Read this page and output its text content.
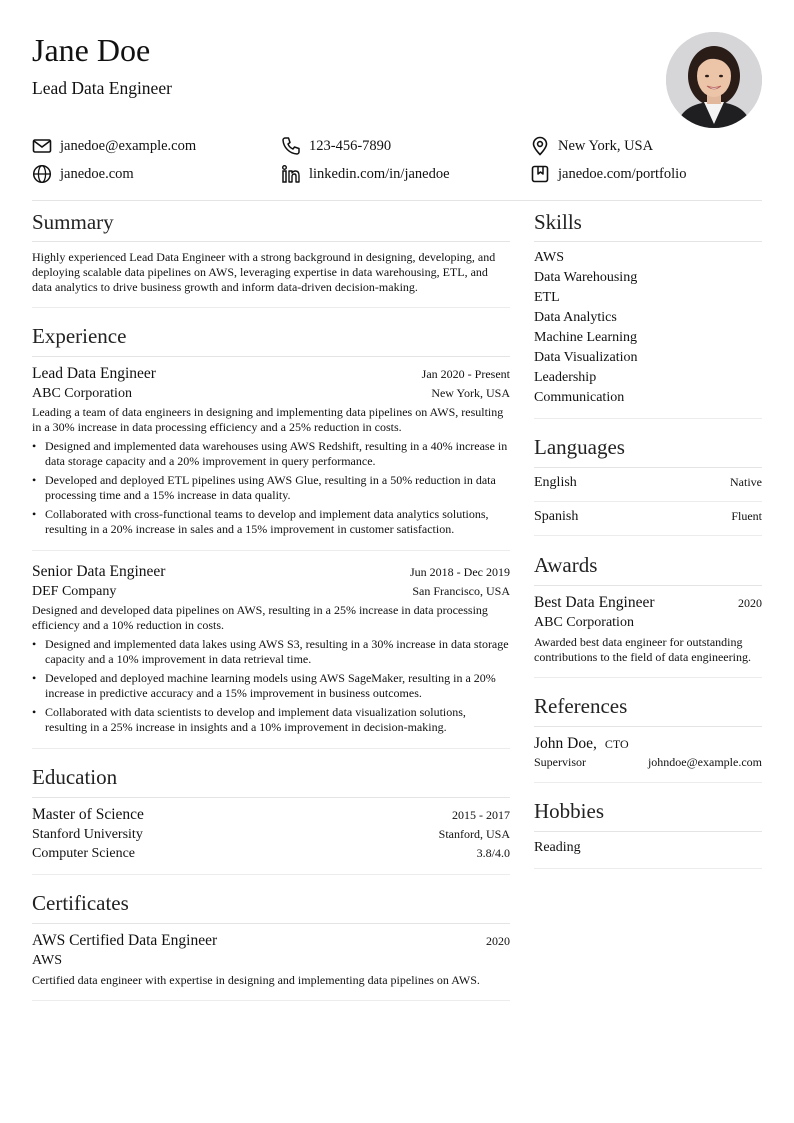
Jane Doe
Lead Data Engineer
janedoe@example.com	123-456-7890	New York, USA
janedoe.com	linkedin.com/in/janedoe	janedoe.com/portfolio
Summary

Highly experienced Lead Data Engineer with a strong background in designing, developing, and deploying scalable data pipelines on AWS, leveraging expertise in data warehousing, ETL, and data analytics to drive business growth and inform data-driven decision-making.

Experience
Lead Data Engineer	Jan 2020 - Present
ABC Corporation	New York, USA

Leading a team of data engineers in designing and implementing data pipelines on AWS, resulting in a 30% increase in data processing efficiency and a 25% reduction in costs.

• Designed and implemented data warehouses using AWS Redshift, resulting in a 40% increase in data storage capacity and a 20% improvement in query performance.
• Developed and deployed ETL pipelines using AWS Glue, resulting in a 50% reduction in data processing time and a 15% increase in data quality.
• Collaborated with cross-functional teams to develop and implement data analytics solutions, resulting in a 20% increase in sales and a 15% improvement in customer satisfaction.
Senior Data Engineer	Jun 2018 - Dec 2019
DEF Company	San Francisco, USA

Designed and developed data pipelines on AWS, resulting in a 25% increase in data processing efficiency and a 10% reduction in costs.

• Designed and implemented data lakes using AWS S3, resulting in a 30% increase in data storage capacity and a 10% improvement in data retrieval time.
• Developed and deployed machine learning models using AWS SageMaker, resulting in a 20% increase in predictive accuracy and a 15% improvement in business outcomes.
• Collaborated with data scientists to develop and implement data visualization solutions, resulting in a 25% increase in insights and a 10% improvement in decision-making.
Education
Master of Science	2015 - 2017
Stanford University	Stanford, USA
Computer Science	3.8/4.0
Certificates
AWS Certified Data Engineer	2020
AWS

Certified data engineer with expertise in designing and implementing data pipelines on AWS.

Skills
AWS
Data Warehousing
ETL
Data Analytics
Machine Learning
Data Visualization
Leadership
Communication
Languages
English	Native
Spanish	Fluent
Awards
Best Data Engineer	2020
ABC Corporation

Awarded best data engineer for outstanding contributions to the field of data engineering.

References
John Doe, CTO
Supervisor	johndoe@example.com
Hobbies
Reading
